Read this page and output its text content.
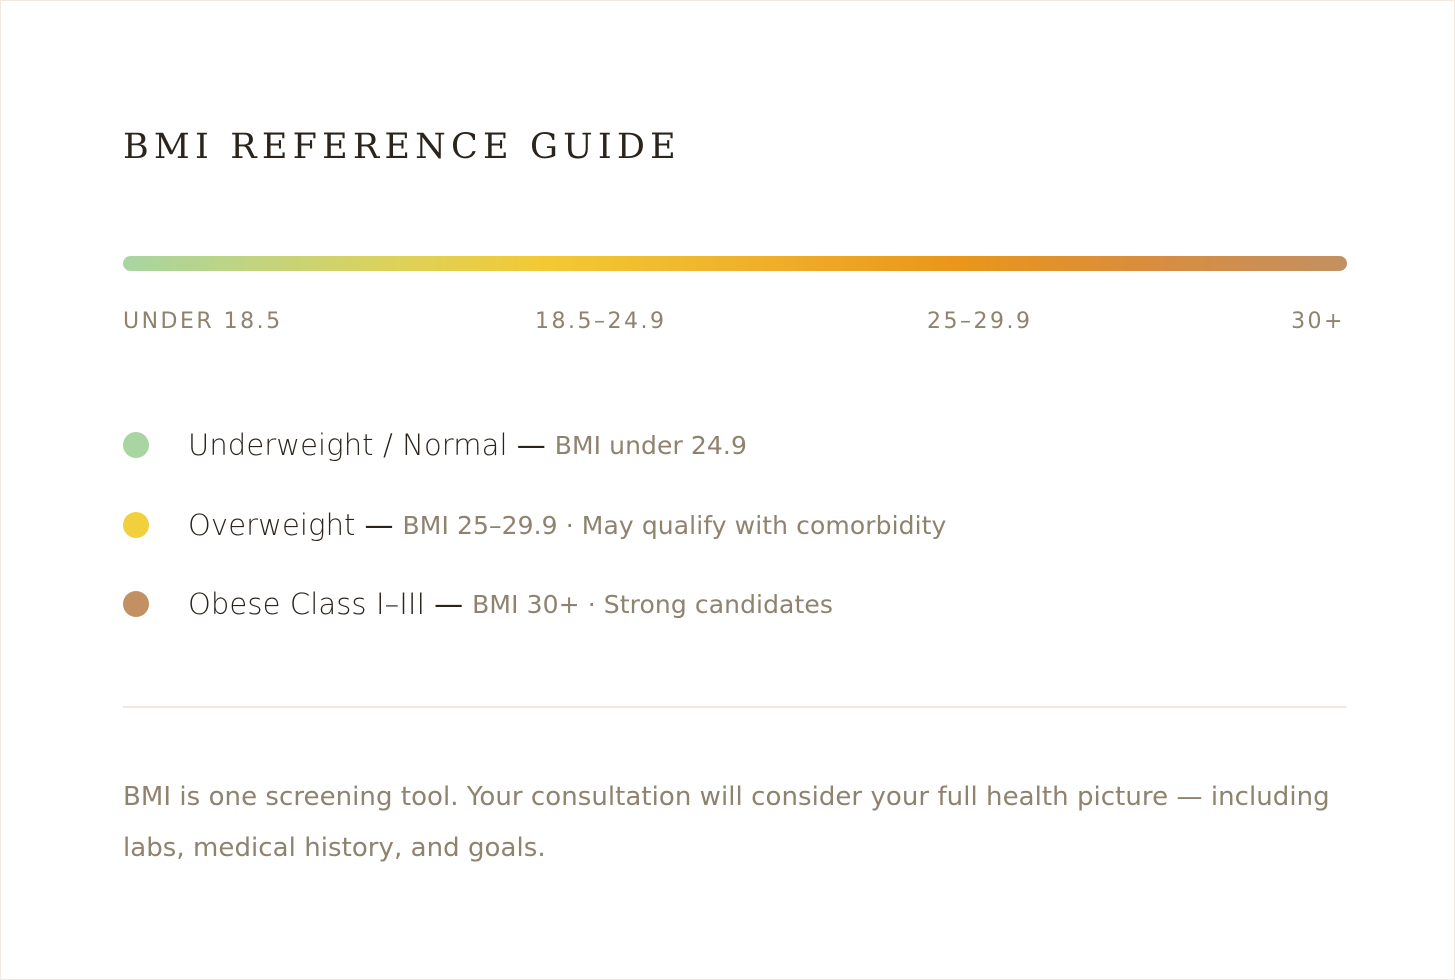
BMI REFERENCE GUIDE
UNDER 18.5	18.5–24.9	25–29.9	30+
Underweight / Normal — BMI under 24.9
Overweight — BMI 25–29.9 · May qualify with comorbidity
Obese Class I–III — BMI 30+ · Strong candidates

BMI is one screening tool. Your consultation will consider your full health picture — including labs, medical history, and goals.
